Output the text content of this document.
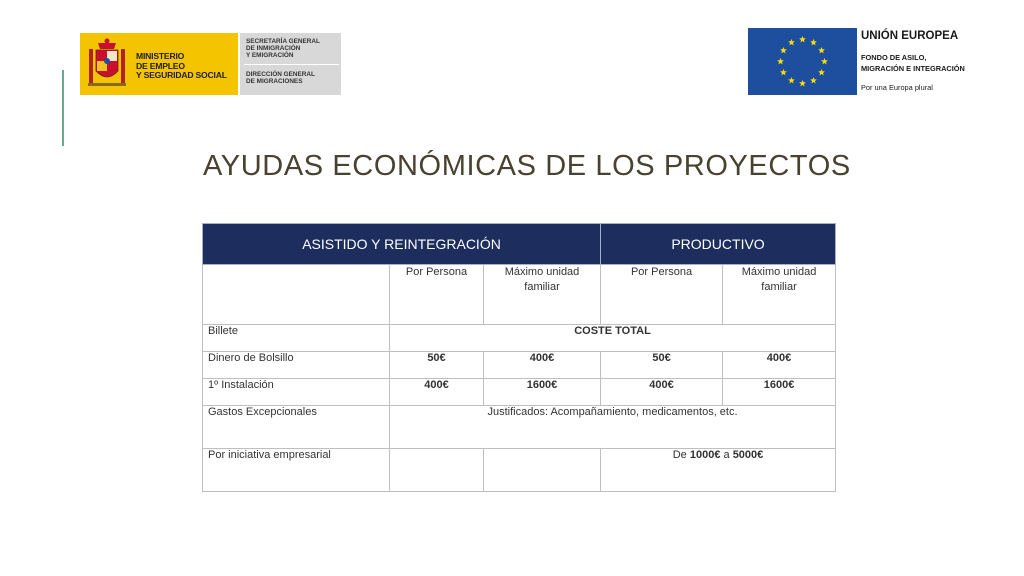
MINISTERIO
DE EMPLEO
Y SEGURIDAD SOCIAL
SECRETARÍA GENERAL
DE INMIGRACIÓN
Y EMIGRACIÓN
DIRECCIÓN GENERAL
DE MIGRACIONES
UNIÓN EUROPEA
FONDO DE ASILO,
MIGRACIÓN E INTEGRACIÓN
Por una Europa plural
AYUDAS ECONÓMICAS DE LOS PROYECTOS
ASISTIDO Y REINTEGRACIÓN			PRODUCTIVO	
	Por Persona	Máximo unidad familiar	Por Persona	Máximo unidad familiar
Billete	COSTE TOTAL			
Dinero de Bolsillo	50€	400€	50€	400€
1º Instalación	400€	1600€	400€	1600€
Gastos Excepcionales	Justificados: Acompañamiento, medicamentos, etc.			
Por iniciativa empresarial			De 1000€ a 5000€	
